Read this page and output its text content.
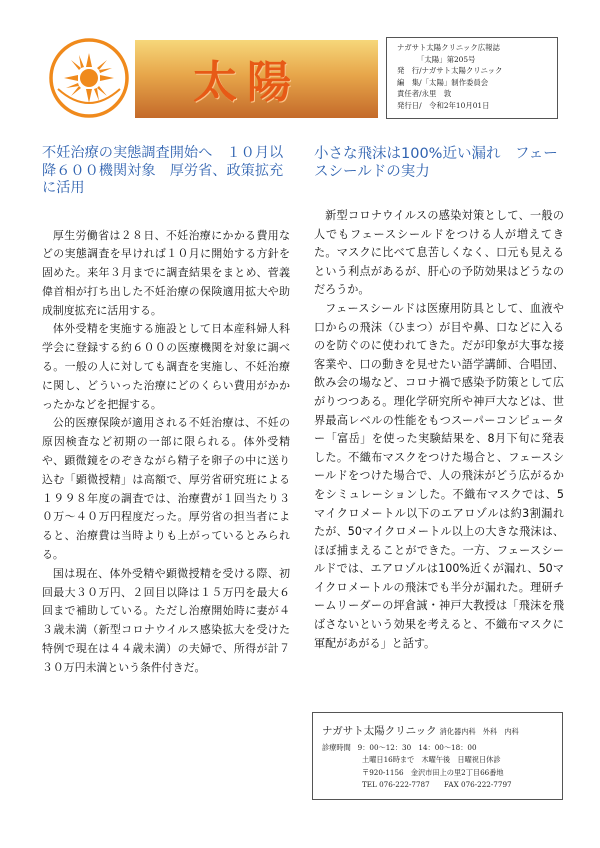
太陽
ナガサト太陽クリニック広報誌
「太陽」第205号
発　行/ナガサト太陽クリニック
編　集/「太陽」制作委員会
責任者/永里　敦
発行日/　令和2年10月01日
不妊治療の実態調査開始へ　１０月以降６００機関対象　厚労省、政策拡充に活用

厚生労働省は２８日、不妊治療にかかる費用などの実態調査を早ければ１０月に開始する方針を固めた。来年３月までに調査結果をまとめ、菅義偉首相が打ち出した不妊治療の保険適用拡大や助成制度拡充に活用する。

体外受精を実施する施設として日本産科婦人科学会に登録する約６００の医療機関を対象に調べる。一般の人に対しても調査を実施し、不妊治療に関し、どういった治療にどのくらい費用がかかったかなどを把握する。

公的医療保険が適用される不妊治療は、不妊の原因検査など初期の一部に限られる。体外受精や、顕微鏡をのぞきながら精子を卵子の中に送り込む「顕微授精」は高額で、厚労省研究班による１９９８年度の調査では、治療費が１回当たり３０万～４０万円程度だった。厚労省の担当者によると、治療費は当時よりも上がっているとみられる。

国は現在、体外受精や顕微授精を受ける際、初回最大３０万円、２回目以降は１５万円を最大６回まで補助している。ただし治療開始時に妻が４３歳未満（新型コロナウイルス感染拡大を受けた特例で現在は４４歳未満）の夫婦で、所得が計７３０万円未満という条件付きだ。

小さな飛沫は100%近い漏れ　フェースシールドの実力

新型コロナウイルスの感染対策として、一般の人でもフェースシールドをつける人が増えてきた。マスクに比べて息苦しくなく、口元も見えるという利点があるが、肝心の予防効果はどうなのだろうか。

フェースシールドは医療用防具として、血液や口からの飛沫（ひまつ）が目や鼻、口などに入るのを防ぐのに使われてきた。だが印象が大事な接客業や、口の動きを見せたい語学講師、合唱団、飲み会の場など、コロナ禍で感染予防策として広がりつつある。理化学研究所や神戸大などは、世界最高レベルの性能をもつスーパーコンピューター「富岳」を使った実験結果を、8月下旬に発表した。不織布マスクをつけた場合と、フェースシールドをつけた場合で、人の飛沫がどう広がるかをシミュレーションした。不織布マスクでは、5マイクロメートル以下のエアロゾルは約3割漏れたが、50マイクロメートル以上の大きな飛沫は、ほぼ捕まえることができた。一方、フェースシールドでは、エアロゾルは100%近くが漏れ、50マイクロメートルの飛沫でも半分が漏れた。理研チームリーダーの坪倉誠・神戸大教授は「飛沫を飛ばさないという効果を考えると、不織布マスクに軍配があがる」と話す。

ナガサト太陽クリニック 消化器内科　外科　内科
診療時間 9：00～12：30　14：00～18：00
土曜日16時まで　木曜午後　日曜祝日休診
〒920-1156　金沢市田上の里2丁目66番地
TEL 076-222-7787　　FAX 076-222-7797
